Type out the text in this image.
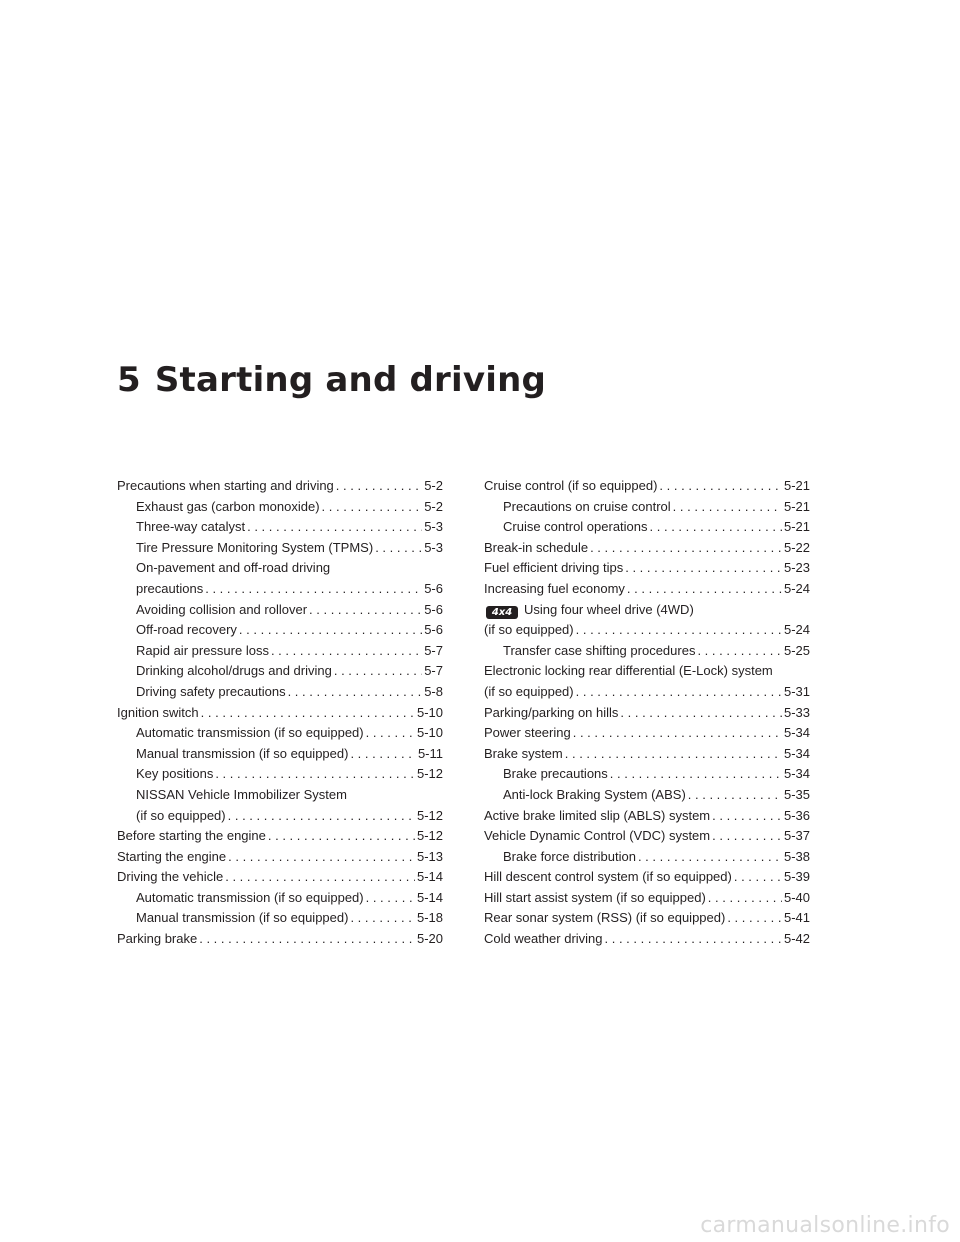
5 Starting and driving
Precautions when starting and driving . . .	5-2
Exhaust gas (carbon monoxide) . . .	5-2
Three-way catalyst . . .	5-3
Tire Pressure Monitoring System (TPMS) . . .	5-3
On-pavement and off-road driving
precautions . . .	5-6
Avoiding collision and rollover . . .	5-6
Off-road recovery . . .	5-6
Rapid air pressure loss . . .	5-7
Drinking alcohol/drugs and driving . . .	5-7
Driving safety precautions . . .	5-8
Ignition switch . . .	5-10
Automatic transmission (if so equipped) . . .	5-10
Manual transmission (if so equipped) . . .	5-11
Key positions . . .	5-12
NISSAN Vehicle Immobilizer System
(if so equipped) . . .	5-12
Before starting the engine . . .	5-12
Starting the engine . . .	5-13
Driving the vehicle . . .	5-14
Automatic transmission (if so equipped) . . .	5-14
Manual transmission (if so equipped) . . .	5-18
Parking brake . . .	5-20
Cruise control (if so equipped) . . .	5-21
Precautions on cruise control . . .	5-21
Cruise control operations . . .	5-21
Break-in schedule . . .	5-22
Fuel efficient driving tips . . .	5-23
Increasing fuel economy . . .	5-24
4x4 Using four wheel drive (4WD)
(if so equipped) . . .	5-24
Transfer case shifting procedures . . .	5-25
Electronic locking rear differential (E-Lock) system
(if so equipped) . . .	5-31
Parking/parking on hills . . .	5-33
Power steering . . .	5-34
Brake system . . .	5-34
Brake precautions . . .	5-34
Anti-lock Braking System (ABS) . . .	5-35
Active brake limited slip (ABLS) system . . .	5-36
Vehicle Dynamic Control (VDC) system . . .	5-37
Brake force distribution . . .	5-38
Hill descent control system (if so equipped) . . .	5-39
Hill start assist system (if so equipped) . . .	5-40
Rear sonar system (RSS) (if so equipped) . . .	5-41
Cold weather driving . . .	5-42
carmanualsonline.info
